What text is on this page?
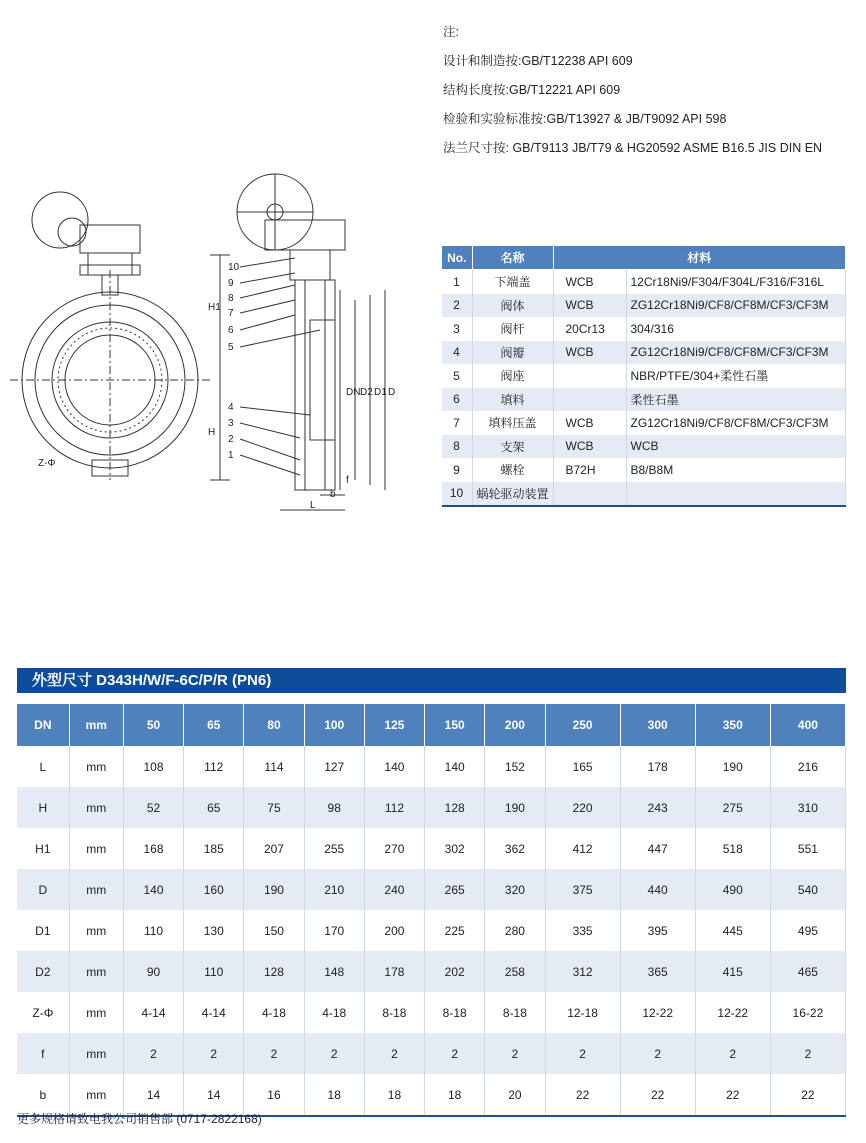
注:
设计和制造按:GB/T12238 API 609
结构长度按:GB/T12221 API 609
检验和实验标准按:GB/T13927 & JB/T9092 API 598
法兰尺寸按: GB/T9113 JB/T79 & HG20592 ASME B16.5 JIS DIN EN
10
9
8
7
6
5
4
3
2
1
H1
H
Z-Φ
DN D2 D1 D
L
b
f
No.	名称	材料	
1	下端盖	WCB	12Cr18Ni9/F304/F304L/F316/F316L
2	阀体	WCB	ZG12Cr18Ni9/CF8/CF8M/CF3/CF3M
3	阀杆	20Cr13	304/316
4	阀瓣	WCB	ZG12Cr18Ni9/CF8/CF8M/CF3/CF3M
5	阀座		NBR/PTFE/304+柔性石墨
6	填料		柔性石墨
7	填料压盖	WCB	ZG12Cr18Ni9/CF8/CF8M/CF3/CF3M
8	支架	WCB	WCB
9	螺栓	B72H	B8/B8M
10	蜗轮驱动装置		
外型尺寸 D343H/W/F-6C/P/R (PN6)
DN	mm	50	65	80	100	125	150	200	250	300	350	400
L	mm	108	112	114	127	140	140	152	165	178	190	216
H	mm	52	65	75	98	112	128	190	220	243	275	310
H1	mm	168	185	207	255	270	302	362	412	447	518	551
D	mm	140	160	190	210	240	265	320	375	440	490	540
D1	mm	110	130	150	170	200	225	280	335	395	445	495
D2	mm	90	110	128	148	178	202	258	312	365	415	465
Z-Φ	mm	4-14	4-14	4-18	4-18	8-18	8-18	8-18	12-18	12-22	12-22	16-22
f	mm	2	2	2	2	2	2	2	2	2	2	2
b	mm	14	14	16	18	18	18	20	22	22	22	22
更多规格请致电我公司销售部 (0717-2822168)
